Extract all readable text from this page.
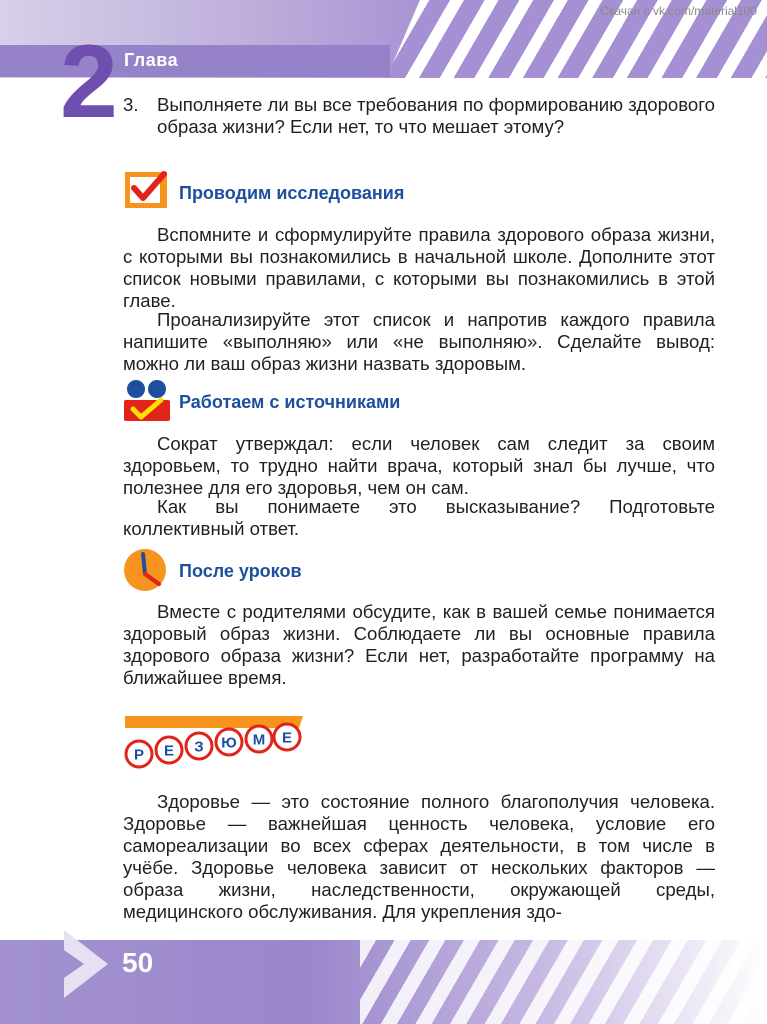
2 Глава
Скачан с vk.com/material100
3. Выполняете ли вы все требования по формированию здорового образа жизни? Если нет, то что мешает этому?
Проводим исследования
Вспомните и сформулируйте правила здорового образа жизни, с которыми вы познакомились в начальной школе. Дополните этот список новыми правилами, с которыми вы познакомились в этой главе.
Проанализируйте этот список и напротив каждого правила напишите «выполняю» или «не выполняю». Сделайте вывод: можно ли ваш образ жизни назвать здоровым.
Работаем с источниками
Сократ утверждал: если человек сам следит за своим здоровьем, то трудно найти врача, который знал бы лучше, что полезнее для его здоровья, чем он сам.
Как вы понимаете это высказывание? Подготовьте коллективный ответ.
После уроков
Вместе с родителями обсудите, как в вашей семье понимается здоровый образ жизни. Соблюдаете ли вы основные правила здорового образа жизни? Если нет, разработайте программу на ближайшее время.
Р Е З Ю М Е
Здоровье — это состояние полного благополучия человека. Здоровье — важнейшая ценность человека, условие его самореализации во всех сферах деятельности, в том числе в учёбе. Здоровье человека зависит от нескольких факторов — образа жизни, наследственности, окружающей среды, медицинского обслуживания. Для укрепления здо-
50
